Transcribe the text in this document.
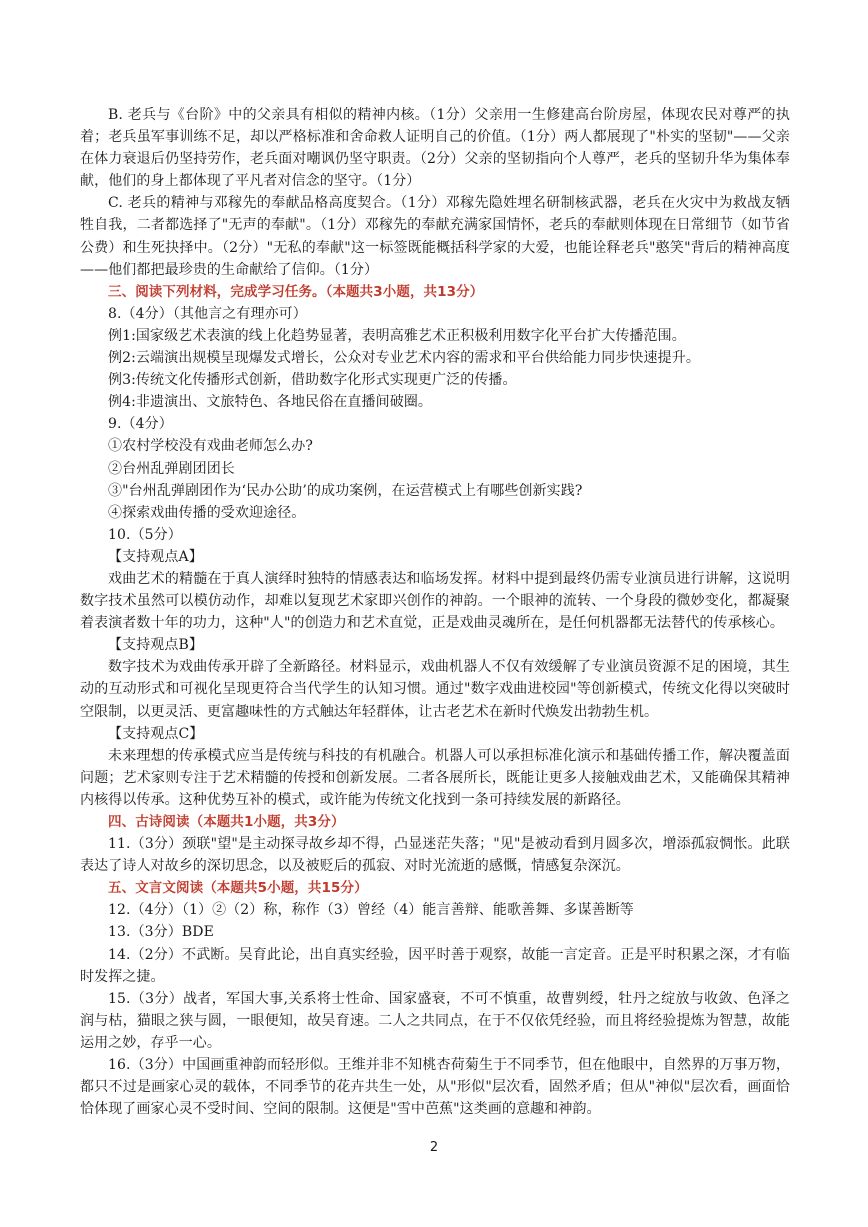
B. 老兵与《台阶》中的父亲具有相似的精神内核。（1分）父亲用一生修建高台阶房屋，体现农民对尊严的执着；老兵虽军事训练不足，却以严格标准和舍命救人证明自己的价值。（1分）两人都展现了"朴实的坚韧"——父亲在体力衰退后仍坚持劳作，老兵面对嘲讽仍坚守职责。（2分）父亲的坚韧指向个人尊严，老兵的坚韧升华为集体奉献，他们的身上都体现了平凡者对信念的坚守。（1分）

C. 老兵的精神与邓稼先的奉献品格高度契合。（1分）邓稼先隐姓埋名研制核武器，老兵在火灾中为救战友牺牲自我，二者都选择了"无声的奉献"。（1分）邓稼先的奉献充满家国情怀，老兵的奉献则体现在日常细节（如节省公费）和生死抉择中。（2分）"无私的奉献"这一标签既能概括科学家的大爱，也能诠释老兵"憨笑"背后的精神高度——他们都把最珍贵的生命献给了信仰。（1分）

三、阅读下列材料，完成学习任务。（本题共3小题，共13分）

8.（4分）（其他言之有理亦可）

例1:国家级艺术表演的线上化趋势显著，表明高雅艺术正积极利用数字化平台扩大传播范围。

例2:云端演出规模呈现爆发式增长，公众对专业艺术内容的需求和平台供给能力同步快速提升。

例3:传统文化传播形式创新，借助数字化形式实现更广泛的传播。

例4:非遗演出、文旅特色、各地民俗在直播间破圈。

9.（4分）

①农村学校没有戏曲老师怎么办?

②台州乱弹剧团团长

③"台州乱弹剧团作为‘民办公助’的成功案例，在运营模式上有哪些创新实践?

④探索戏曲传播的受欢迎途径。

10.（5分）

【支持观点A】

戏曲艺术的精髓在于真人演绎时独特的情感表达和临场发挥。材料中提到最终仍需专业演员进行讲解，这说明数字技术虽然可以模仿动作，却难以复现艺术家即兴创作的神韵。一个眼神的流转、一个身段的微妙变化，都凝聚着表演者数十年的功力，这种"人"的创造力和艺术直觉，正是戏曲灵魂所在，是任何机器都无法替代的传承核心。

【支持观点B】

数字技术为戏曲传承开辟了全新路径。材料显示，戏曲机器人不仅有效缓解了专业演员资源不足的困境，其生动的互动形式和可视化呈现更符合当代学生的认知习惯。通过"数字戏曲进校园"等创新模式，传统文化得以突破时空限制，以更灵活、更富趣味性的方式触达年轻群体，让古老艺术在新时代焕发出勃勃生机。

【支持观点C】

未来理想的传承模式应当是传统与科技的有机融合。机器人可以承担标准化演示和基础传播工作，解决覆盖面问题；艺术家则专注于艺术精髓的传授和创新发展。二者各展所长，既能让更多人接触戏曲艺术，又能确保其精神内核得以传承。这种优势互补的模式，或许能为传统文化找到一条可持续发展的新路径。

四、古诗阅读（本题共1小题，共3分）

11.（3分）颈联"望"是主动探寻故乡却不得，凸显迷茫失落；"见"是被动看到月圆多次，增添孤寂惆怅。此联表达了诗人对故乡的深切思念，以及被贬后的孤寂、对时光流逝的感慨，情感复杂深沉。

五、文言文阅读（本题共5小题，共15分）

12.（4分）（1）②（2）称，称作（3）曾经（4）能言善辩、能歌善舞、多谋善断等

13.（3分）BDE

14.（2分）不武断。吴育此论，出自真实经验，因平时善于观察，故能一言定音。正是平时积累之深，才有临时发挥之捷。

15.（3分）战者，军国大事,关系将士性命、国家盛衰，不可不慎重，故曹刿绶，牡丹之绽放与收敛、色泽之润与枯，猫眼之狭与圆，一眼便知，故吴育速。二人之共同点，在于不仅依凭经验，而且将经验提炼为智慧，故能运用之妙，存乎一心。

16.（3分）中国画重神韵而轻形似。王维并非不知桃杏荷菊生于不同季节，但在他眼中，自然界的万事万物，都只不过是画家心灵的载体，不同季节的花卉共生一处，从"形似"层次看，固然矛盾；但从"神似"层次看，画面恰恰体现了画家心灵不受时间、空间的限制。这便是"雪中芭蕉"这类画的意趣和神韵。

2
